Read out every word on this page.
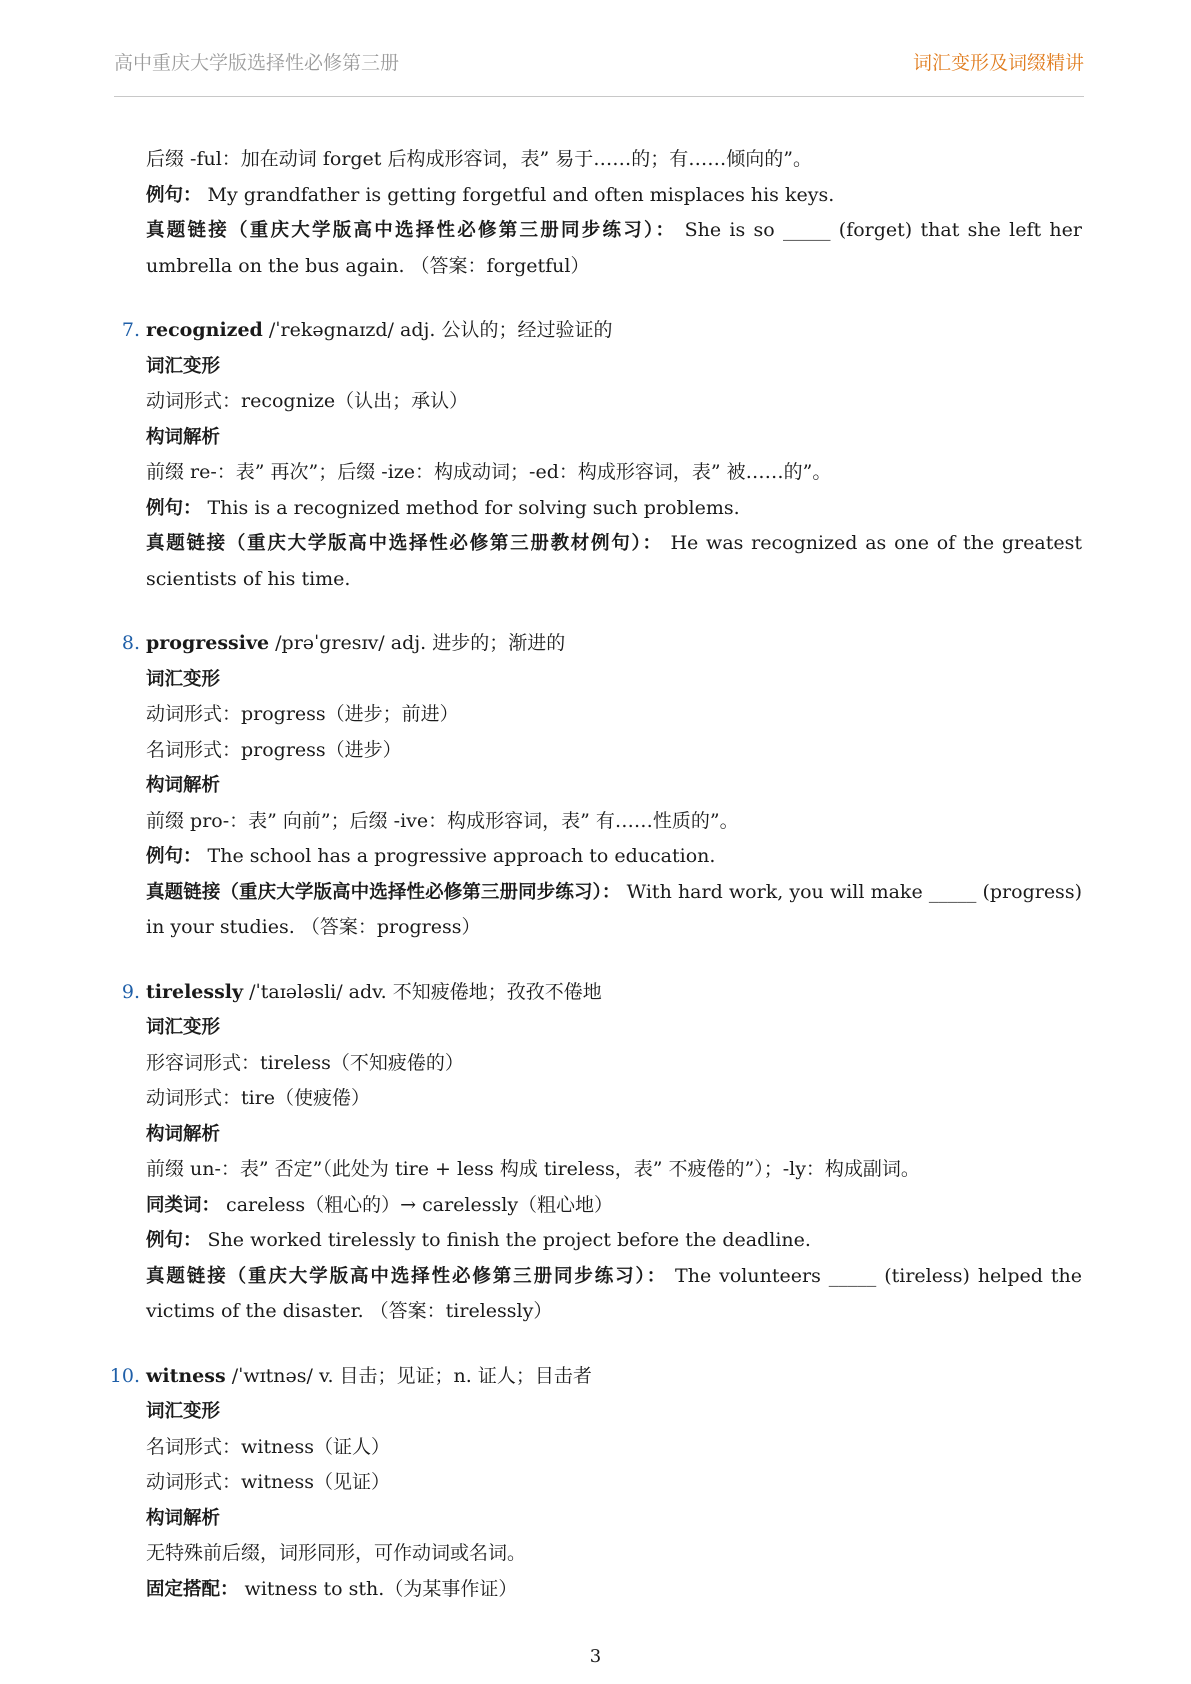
高中重庆大学版选择性必修第三册	词汇变形及词缀精讲
后缀 -ful：加在动词 forget 后构成形容词，表” 易于……的；有……倾向的”。
例句： My grandfather is getting forgetful and often misplaces his keys.
真题链接（重庆大学版高中选择性必修第三册同步练习）： She is so _____ (forget) that she left her umbrella on the bus again. （答案：forgetful）
7. recognized /ˈrekəgnaɪzd/ adj. 公认的；经过验证的
词汇变形
动词形式：recognize（认出；承认）
构词解析
前缀 re-：表” 再次”；后缀 -ize：构成动词；-ed：构成形容词，表” 被……的”。
例句： This is a recognized method for solving such problems.
真题链接（重庆大学版高中选择性必修第三册教材例句）： He was recognized as one of the greatest scientists of his time.
8. progressive /prəˈgresɪv/ adj. 进步的；渐进的
词汇变形
动词形式：progress（进步；前进）
名词形式：progress（进步）
构词解析
前缀 pro-：表” 向前”；后缀 -ive：构成形容词，表” 有……性质的”。
例句： The school has a progressive approach to education.
真题链接（重庆大学版高中选择性必修第三册同步练习）： With hard work, you will make _____ (progress) in your studies. （答案：progress）
9. tirelessly /ˈtaɪələsli/ adv. 不知疲倦地；孜孜不倦地
词汇变形
形容词形式：tireless（不知疲倦的）
动词形式：tire（使疲倦）
构词解析
前缀 un-：表” 否定”（此处为 tire + less 构成 tireless，表” 不疲倦的”）；-ly：构成副词。
同类词： careless（粗心的）→ carelessly（粗心地）
例句： She worked tirelessly to finish the project before the deadline.
真题链接（重庆大学版高中选择性必修第三册同步练习）： The volunteers _____ (tireless) helped the victims of the disaster. （答案：tirelessly）
10. witness /ˈwɪtnəs/ v. 目击；见证；n. 证人；目击者
词汇变形
名词形式：witness（证人）
动词形式：witness（见证）
构词解析
无特殊前后缀，词形同形，可作动词或名词。
固定搭配： witness to sth.（为某事作证）
3
